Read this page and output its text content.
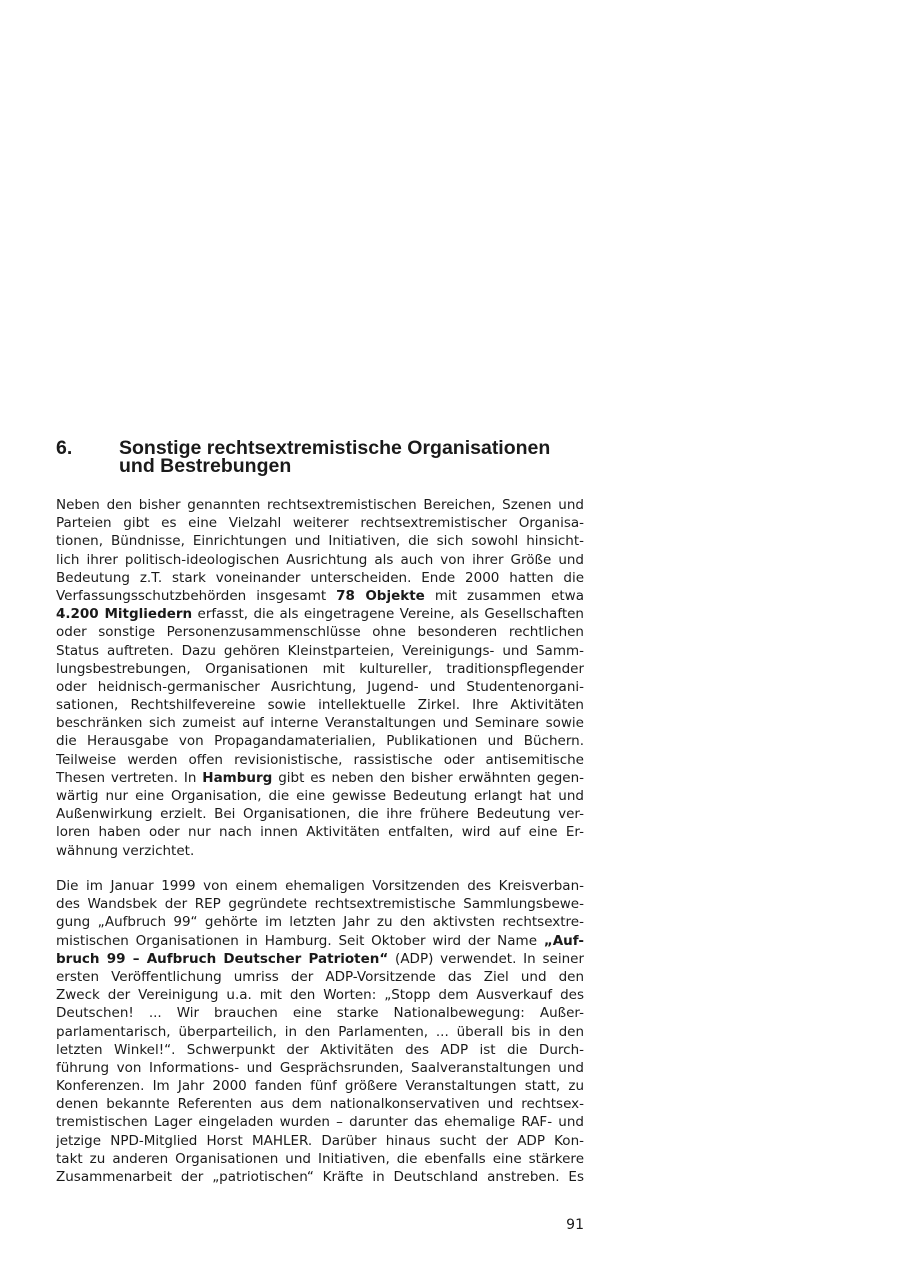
6. Sonstige rechtsextremistische Organisationen
und Bestrebungen
Neben den bisher genannten rechtsextremistischen Bereichen, Szenen und
Parteien gibt es eine Vielzahl weiterer rechtsextremistischer Organisa-
tionen, Bündnisse, Einrichtungen und Initiativen, die sich sowohl hinsicht-
lich ihrer politisch-ideologischen Ausrichtung als auch von ihrer Größe und
Bedeutung z.T. stark voneinander unterscheiden. Ende 2000 hatten die
Verfassungsschutzbehörden insgesamt 78 Objekte mit zusammen etwa
4.200 Mitgliedern erfasst, die als eingetragene Vereine, als Gesellschaften
oder sonstige Personenzusammenschlüsse ohne besonderen rechtlichen
Status auftreten. Dazu gehören Kleinstparteien, Vereinigungs- und Samm-
lungsbestrebungen, Organisationen mit kultureller, traditionspflegender
oder heidnisch-germanischer Ausrichtung, Jugend- und Studentenorgani-
sationen, Rechtshilfevereine sowie intellektuelle Zirkel. Ihre Aktivitäten
beschränken sich zumeist auf interne Veranstaltungen und Seminare sowie
die Herausgabe von Propagandamaterialien, Publikationen und Büchern.
Teilweise werden offen revisionistische, rassistische oder antisemitische
Thesen vertreten. In Hamburg gibt es neben den bisher erwähnten gegen-
wärtig nur eine Organisation, die eine gewisse Bedeutung erlangt hat und
Außenwirkung erzielt. Bei Organisationen, die ihre frühere Bedeutung ver-
loren haben oder nur nach innen Aktivitäten entfalten, wird auf eine Er-
wähnung verzichtet.
Die im Januar 1999 von einem ehemaligen Vorsitzenden des Kreisverban-
des Wandsbek der REP gegründete rechtsextremistische Sammlungsbewe-
gung „Aufbruch 99“ gehörte im letzten Jahr zu den aktivsten rechtsextre-
mistischen Organisationen in Hamburg. Seit Oktober wird der Name „Auf-
bruch 99 – Aufbruch Deutscher Patrioten“ (ADP) verwendet. In seiner
ersten Veröffentlichung umriss der ADP-Vorsitzende das Ziel und den
Zweck der Vereinigung u.a. mit den Worten: „Stopp dem Ausverkauf des
Deutschen! ... Wir brauchen eine starke Nationalbewegung: Außer-
parlamentarisch, überparteilich, in den Parlamenten, ... überall bis in den
letzten Winkel!“. Schwerpunkt der Aktivitäten des ADP ist die Durch-
führung von Informations- und Gesprächsrunden, Saalveranstaltungen und
Konferenzen. Im Jahr 2000 fanden fünf größere Veranstaltungen statt, zu
denen bekannte Referenten aus dem nationalkonservativen und rechtsex-
tremistischen Lager eingeladen wurden – darunter das ehemalige RAF- und
jetzige NPD-Mitglied Horst MAHLER. Darüber hinaus sucht der ADP Kon-
takt zu anderen Organisationen und Initiativen, die ebenfalls eine stärkere
Zusammenarbeit der „patriotischen“ Kräfte in Deutschland anstreben. Es
91
